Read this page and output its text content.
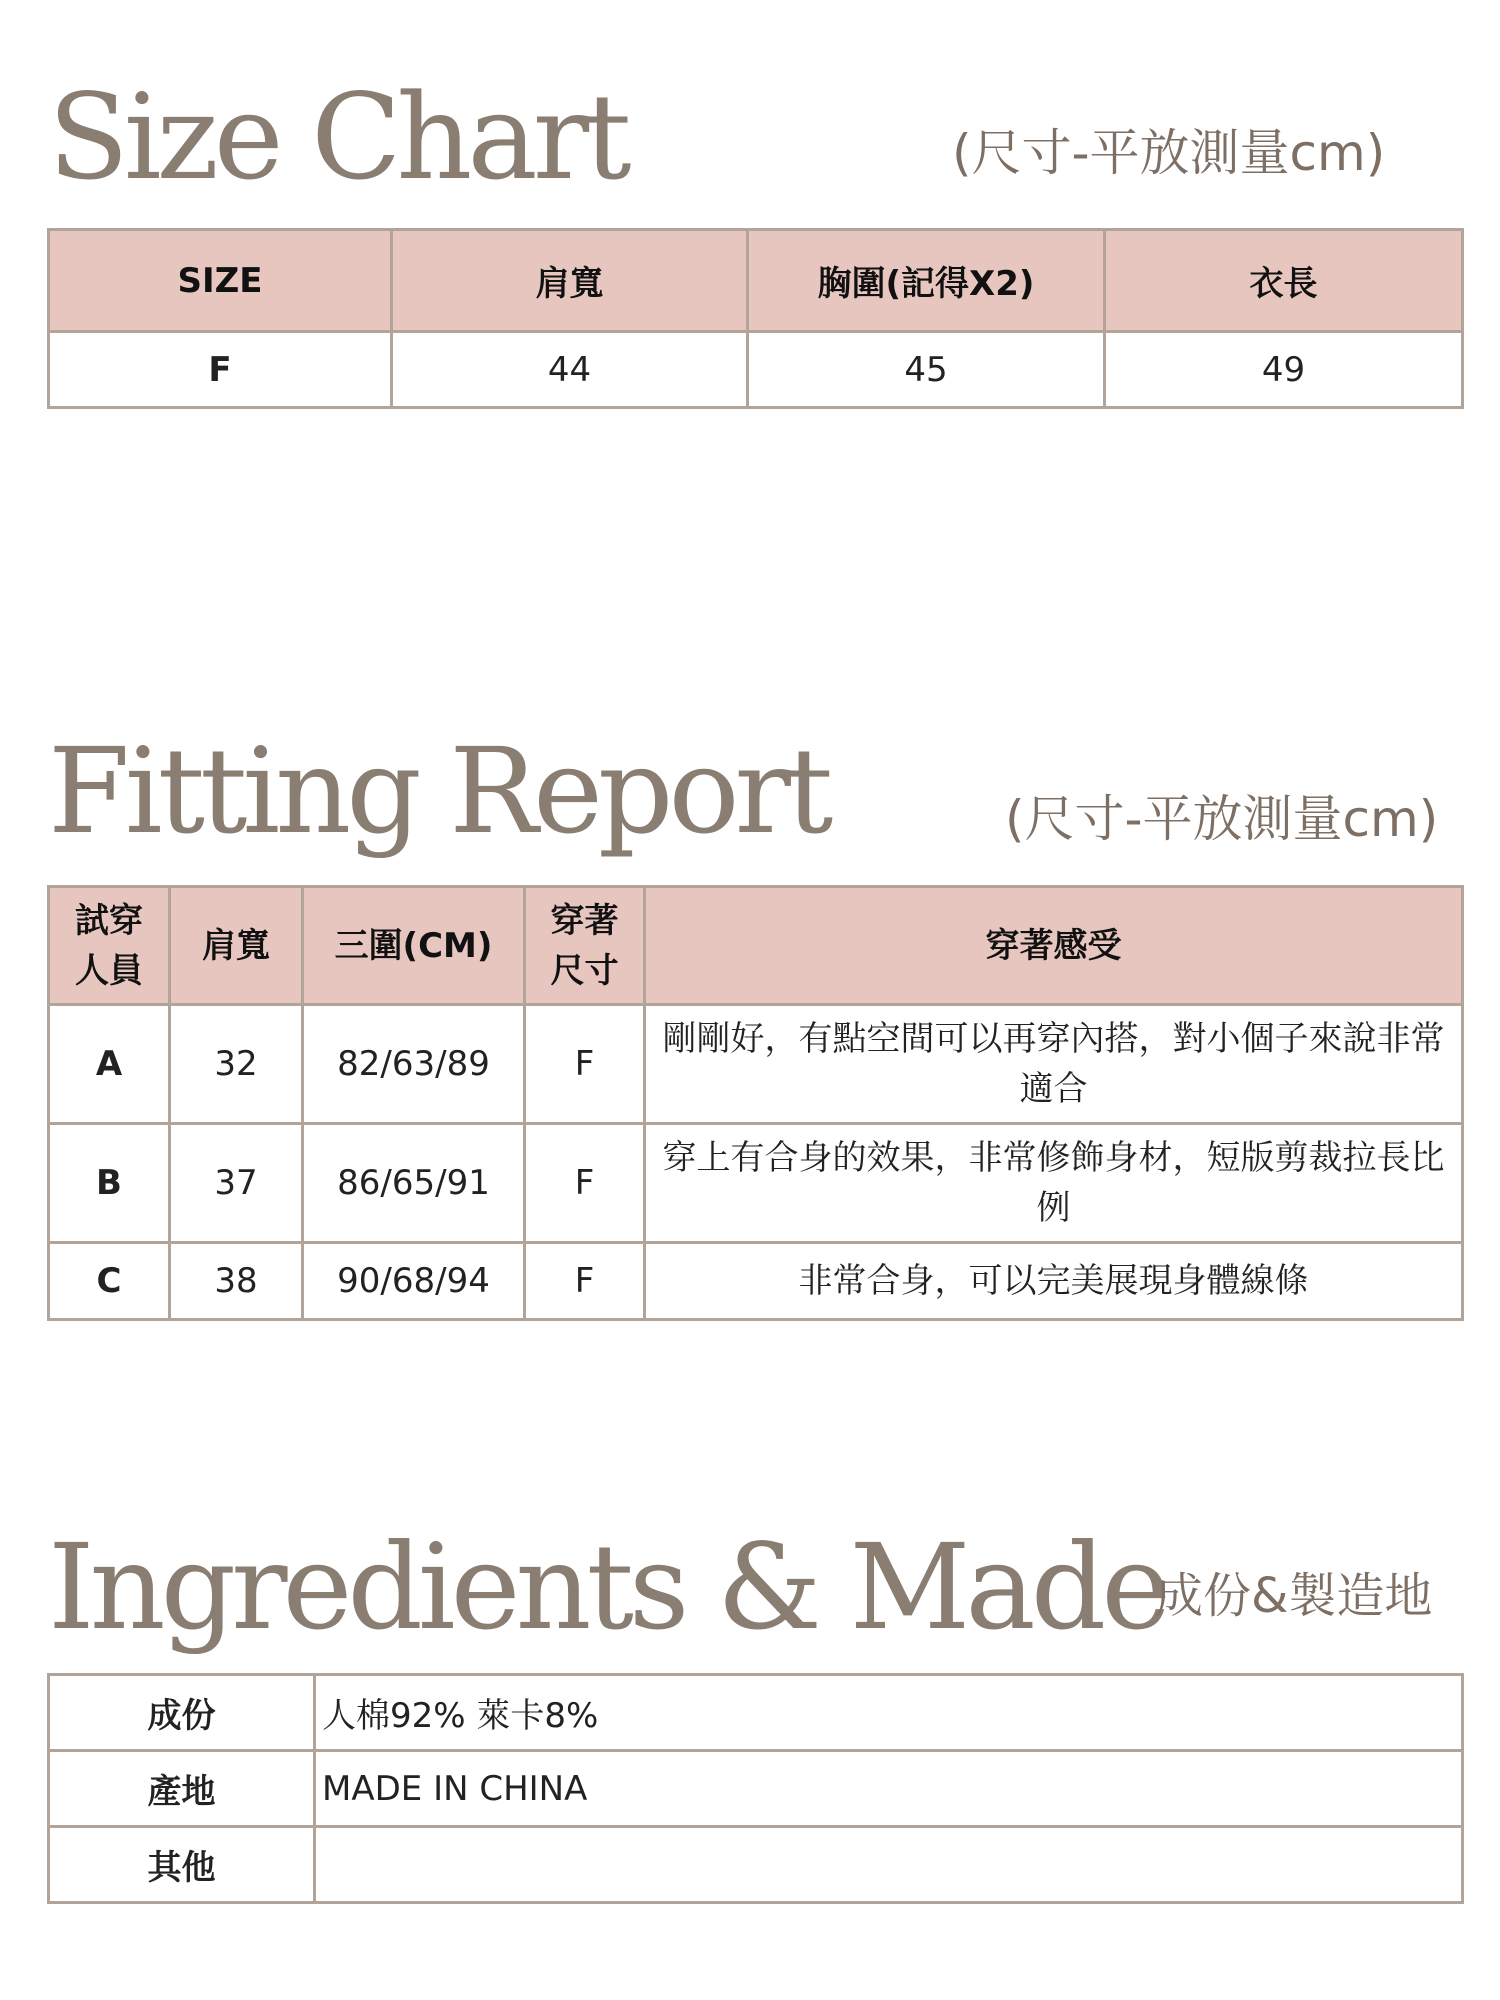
Size Chart	(尺寸-平放測量cm)
SIZE	肩寬	胸圍(記得X2)	衣長
F	44	45	49
Fitting Report	(尺寸-平放測量cm)
試穿人員	肩寬	三圍(CM)	穿著尺寸	穿著感受
A	32	82/63/89	F	剛剛好，有點空間可以再穿內搭，對小個子來說非常適合
B	37	86/65/91	F	穿上有合身的效果，非常修飾身材，短版剪裁拉長比例
C	38	90/68/94	F	非常合身，可以完美展現身體線條
Ingredients & Made
成份&製造地
成份	人棉92% 萊卡8%
產地	MADE IN CHINA
其他	
